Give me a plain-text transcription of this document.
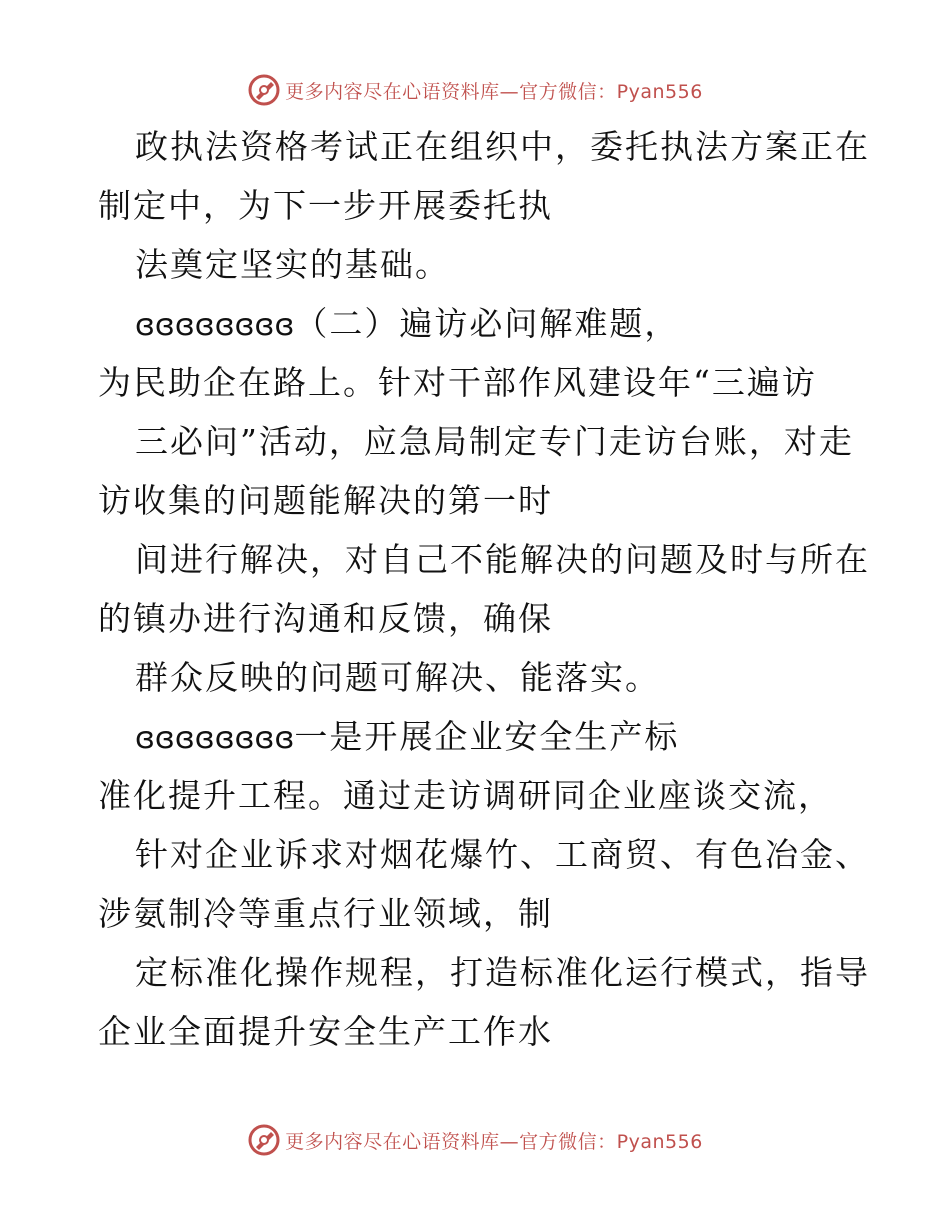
更多内容尽在心语资料库—官方微信：Pyan556
政执法资格考试正在组织中，委托执法方案正在
制定中，为下一步开展委托执
法奠定坚实的基础。
ɞɞɞɞɞɞɞɞ（二）遍访必问解难题，
为民助企在路上。针对干部作风建设年“三遍访
三必问”活动，应急局制定专门走访台账，对走
访收集的问题能解决的第一时
间进行解决，对自己不能解决的问题及时与所在
的镇办进行沟通和反馈，确保
群众反映的问题可解决、能落实。
ɞɞɞɞɞɞɞɞ一是开展企业安全生产标
准化提升工程。通过走访调研同企业座谈交流，
针对企业诉求对烟花爆竹、工商贸、有色冶金、
涉氨制冷等重点行业领域，制
定标准化操作规程，打造标准化运行模式，指导
企业全面提升安全生产工作水
更多内容尽在心语资料库—官方微信：Pyan556
